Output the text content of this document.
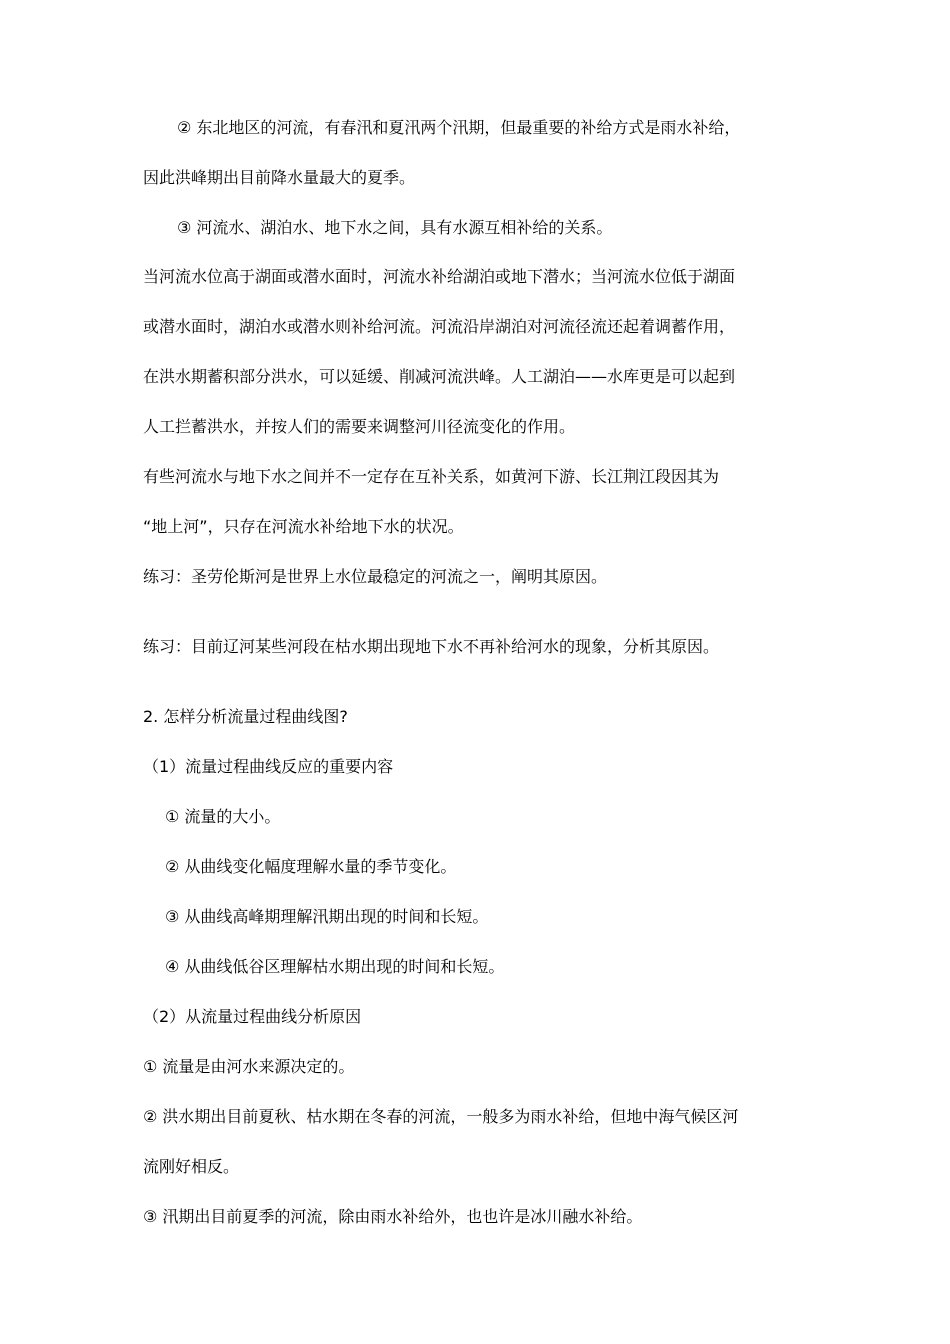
② 东北地区的河流，有春汛和夏汛两个汛期，但最重要的补给方式是雨水补给，
因此洪峰期出目前降水量最大的夏季。
③ 河流水、湖泊水、地下水之间，具有水源互相补给的关系。
当河流水位高于湖面或潜水面时，河流水补给湖泊或地下潜水；当河流水位低于湖面
或潜水面时，湖泊水或潜水则补给河流。河流沿岸湖泊对河流径流还起着调蓄作用，
在洪水期蓄积部分洪水，可以延缓、削减河流洪峰。人工湖泊——水库更是可以起到
人工拦蓄洪水，并按人们的需要来调整河川径流变化的作用。
有些河流水与地下水之间并不一定存在互补关系，如黄河下游、长江荆江段因其为
“地上河”，只存在河流水补给地下水的状况。
练习：圣劳伦斯河是世界上水位最稳定的河流之一，阐明其原因。
练习：目前辽河某些河段在枯水期出现地下水不再补给河水的现象，分析其原因。
2. 怎样分析流量过程曲线图?
（1）流量过程曲线反应的重要内容
① 流量的大小。
② 从曲线变化幅度理解水量的季节变化。
③ 从曲线高峰期理解汛期出现的时间和长短。
④ 从曲线低谷区理解枯水期出现的时间和长短。
（2）从流量过程曲线分析原因
① 流量是由河水来源决定的。
② 洪水期出目前夏秋、枯水期在冬春的河流，一般多为雨水补给，但地中海气候区河
流刚好相反。
③ 汛期出目前夏季的河流，除由雨水补给外，也也许是冰川融水补给。
